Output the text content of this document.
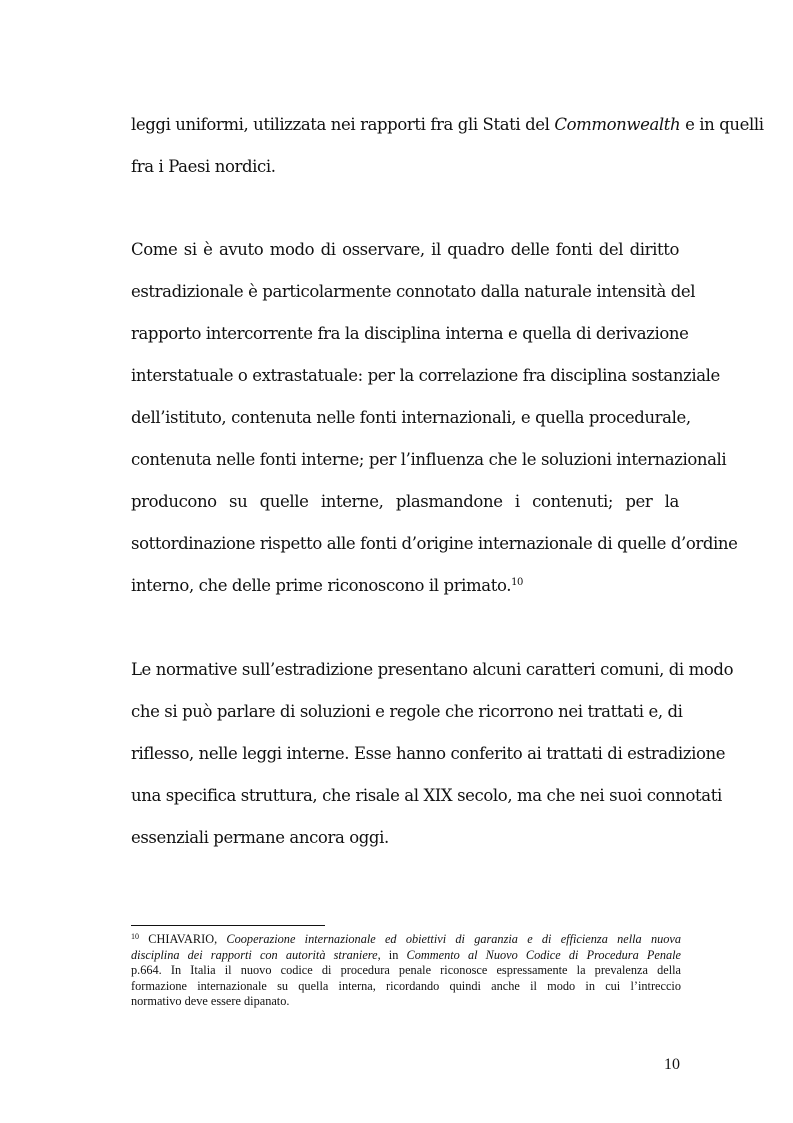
leggi uniformi, utilizzata nei rapporti fra gli Stati del Commonwealth e in quelli
fra i Paesi nordici.
Come si è avuto modo di osservare, il quadro delle fonti del diritto
estradizionale è particolarmente connotato dalla naturale intensità del
rapporto intercorrente fra la disciplina interna e quella di derivazione
interstatuale o extrastatuale: per la correlazione fra disciplina sostanziale
dell’istituto, contenuta nelle fonti internazionali, e quella procedurale,
contenuta nelle fonti interne; per l’influenza che le soluzioni internazionali
producono su quelle interne, plasmandone i contenuti; per la
sottordinazione rispetto alle fonti d’origine internazionale di quelle d’ordine
interno, che delle prime riconoscono il primato.$^{10}$
Le normative sull’estradizione presentano alcuni caratteri comuni, di modo
che si può parlare di soluzioni e regole che ricorrono nei trattati e, di
riflesso, nelle leggi interne. Esse hanno conferito ai trattati di estradizione
una specifica struttura, che risale al XIX secolo, ma che nei suoi connotati
essenziali permane ancora oggi.
$^{10}$ CHIAVARIO, Cooperazione internazionale ed obiettivi di garanzia e di efficienza nella nuova
disciplina dei rapporti con autorità straniere, in Commento al Nuovo Codice di Procedura Penale
p.664. In Italia il nuovo codice di procedura penale riconosce espressamente la prevalenza della
formazione internazionale su quella interna, ricordando quindi anche il modo in cui l’intreccio
normativo deve essere dipanato.
10
